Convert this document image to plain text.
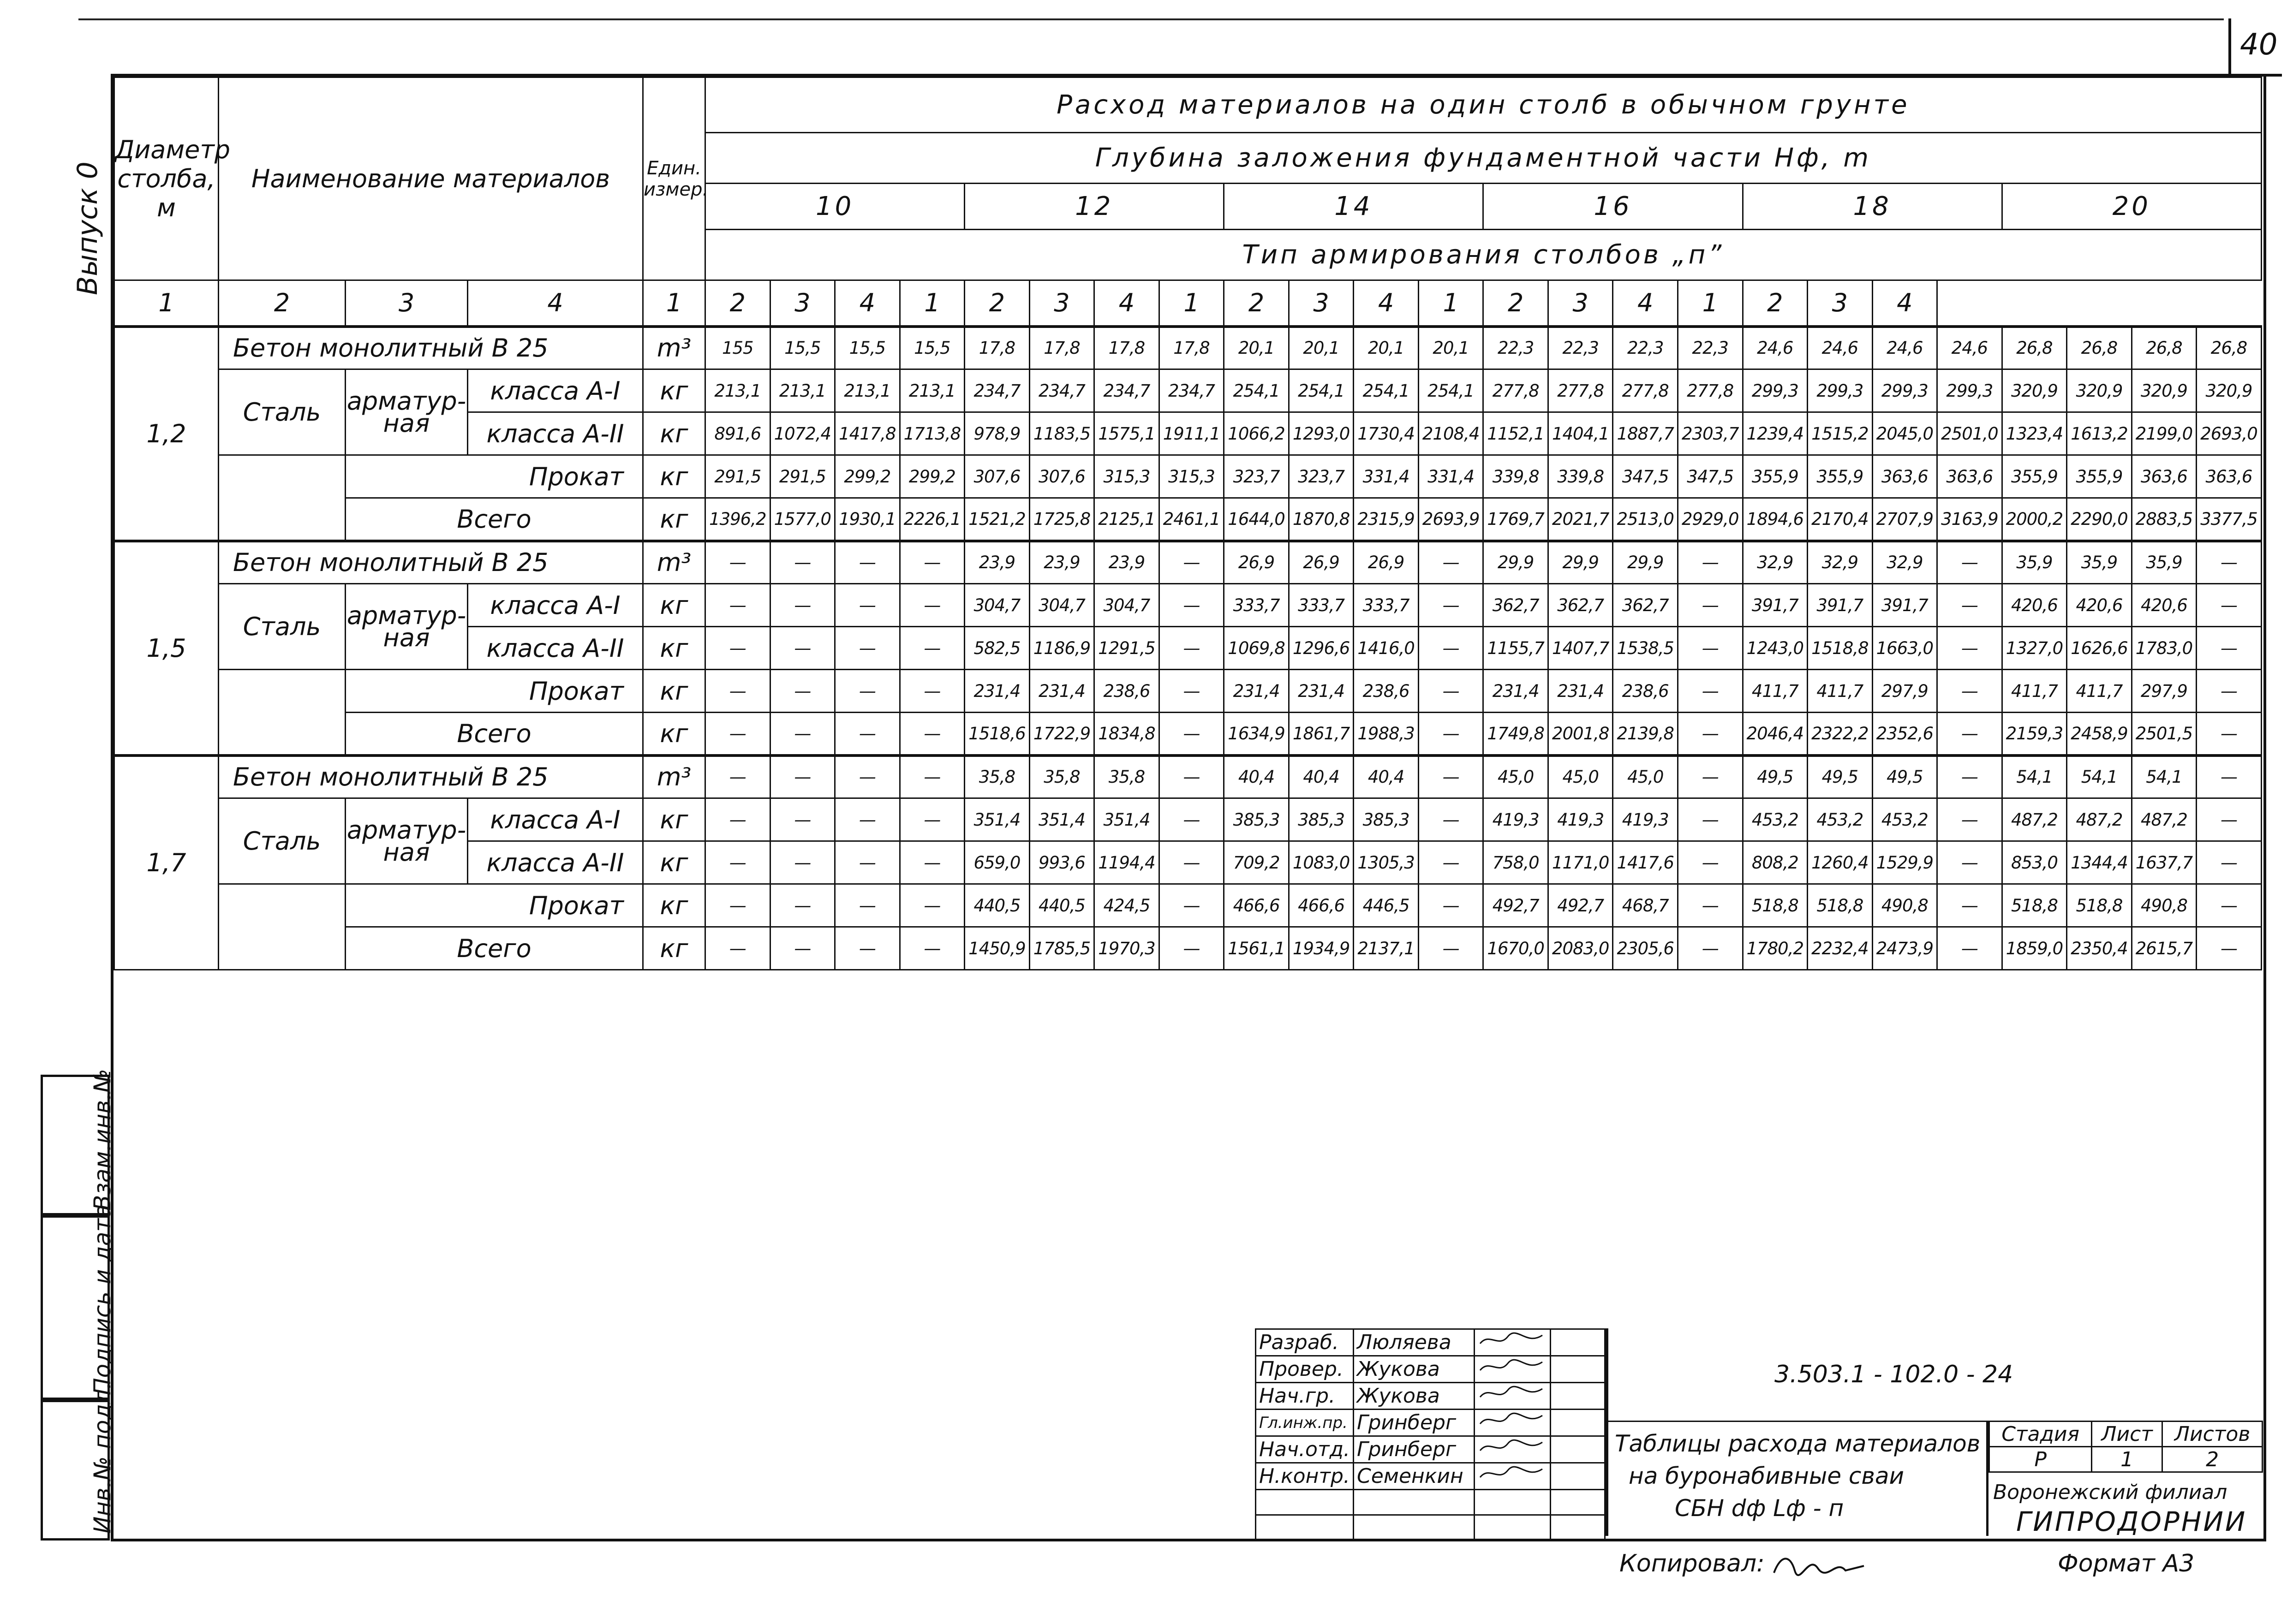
40
Выпуск 0
Взам.инв.№
Подпись и дата
Инв.№ подл.
Диаметр столба, м	Наименование материалов			Един. измер.	Расход материалов на один столб в обычном грунте																							
					Глубина заложения фундаментной части Hф, m																							
					10				12				14				16				18				20			
					Тип армирования столбов „п”																							
1	2	3	4	1	2	3	4	1	2	3	4	1	2	3	4	1	2	3	4	1	2	3	4					
1,2	Бетон монолитный В 25			m³	155	15,5	15,5	15,5	17,8	17,8	17,8	17,8	20,1	20,1	20,1	20,1	22,3	22,3	22,3	22,3	24,6	24,6	24,6	24,6	26,8	26,8	26,8	26,8
	Сталь	арматур- ная	класса А-I	кг	213,1	213,1	213,1	213,1	234,7	234,7	234,7	234,7	254,1	254,1	254,1	254,1	277,8	277,8	277,8	277,8	299,3	299,3	299,3	299,3	320,9	320,9	320,9	320,9
			класса А-II	кг	891,6	1072,4	1417,8	1713,8	978,9	1183,5	1575,1	1911,1	1066,2	1293,0	1730,4	2108,4	1152,1	1404,1	1887,7	2303,7	1239,4	1515,2	2045,0	2501,0	1323,4	1613,2	2199,0	2693,0
		Прокат		кг	291,5	291,5	299,2	299,2	307,6	307,6	315,3	315,3	323,7	323,7	331,4	331,4	339,8	339,8	347,5	347,5	355,9	355,9	363,6	363,6	355,9	355,9	363,6	363,6
		Всего		кг	1396,2	1577,0	1930,1	2226,1	1521,2	1725,8	2125,1	2461,1	1644,0	1870,8	2315,9	2693,9	1769,7	2021,7	2513,0	2929,0	1894,6	2170,4	2707,9	3163,9	2000,2	2290,0	2883,5	3377,5
1,5	Бетон монолитный В 25			m³	—	—	—	—	23,9	23,9	23,9	—	26,9	26,9	26,9	—	29,9	29,9	29,9	—	32,9	32,9	32,9	—	35,9	35,9	35,9	—
	Сталь	арматур- ная	класса А-I	кг	—	—	—	—	304,7	304,7	304,7	—	333,7	333,7	333,7	—	362,7	362,7	362,7	—	391,7	391,7	391,7	—	420,6	420,6	420,6	—
			класса А-II	кг	—	—	—	—	582,5	1186,9	1291,5	—	1069,8	1296,6	1416,0	—	1155,7	1407,7	1538,5	—	1243,0	1518,8	1663,0	—	1327,0	1626,6	1783,0	—
		Прокат		кг	—	—	—	—	231,4	231,4	238,6	—	231,4	231,4	238,6	—	231,4	231,4	238,6	—	411,7	411,7	297,9	—	411,7	411,7	297,9	—
		Всего		кг	—	—	—	—	1518,6	1722,9	1834,8	—	1634,9	1861,7	1988,3	—	1749,8	2001,8	2139,8	—	2046,4	2322,2	2352,6	—	2159,3	2458,9	2501,5	—
1,7	Бетон монолитный В 25			m³	—	—	—	—	35,8	35,8	35,8	—	40,4	40,4	40,4	—	45,0	45,0	45,0	—	49,5	49,5	49,5	—	54,1	54,1	54,1	—
	Сталь	арматур- ная	класса А-I	кг	—	—	—	—	351,4	351,4	351,4	—	385,3	385,3	385,3	—	419,3	419,3	419,3	—	453,2	453,2	453,2	—	487,2	487,2	487,2	—
			класса А-II	кг	—	—	—	—	659,0	993,6	1194,4	—	709,2	1083,0	1305,3	—	758,0	1171,0	1417,6	—	808,2	1260,4	1529,9	—	853,0	1344,4	1637,7	—
		Прокат		кг	—	—	—	—	440,5	440,5	424,5	—	466,6	466,6	446,5	—	492,7	492,7	468,7	—	518,8	518,8	490,8	—	518,8	518,8	490,8	—
		Всего		кг	—	—	—	—	1450,9	1785,5	1970,3	—	1561,1	1934,9	2137,1	—	1670,0	2083,0	2305,6	—	1780,2	2232,4	2473,9	—	1859,0	2350,4	2615,7	—
Разраб.	Люляева		
Провер.	Жукова		
Нач.гр.	Жукова		
Гл.инж.пр.	Гринберг		
Нач.отд.	Гринберг		
Н.контр.	Семенкин		

3.503.1 - 102.0 - 24
Таблицы расхода материалов
на буронабивные сваи
СБН dф Lф - п
Стадия	Лист	Листов
Р	1	2
Воронежский филиал
ГИПРОДОРНИИ
Копировал:	Формат А3
